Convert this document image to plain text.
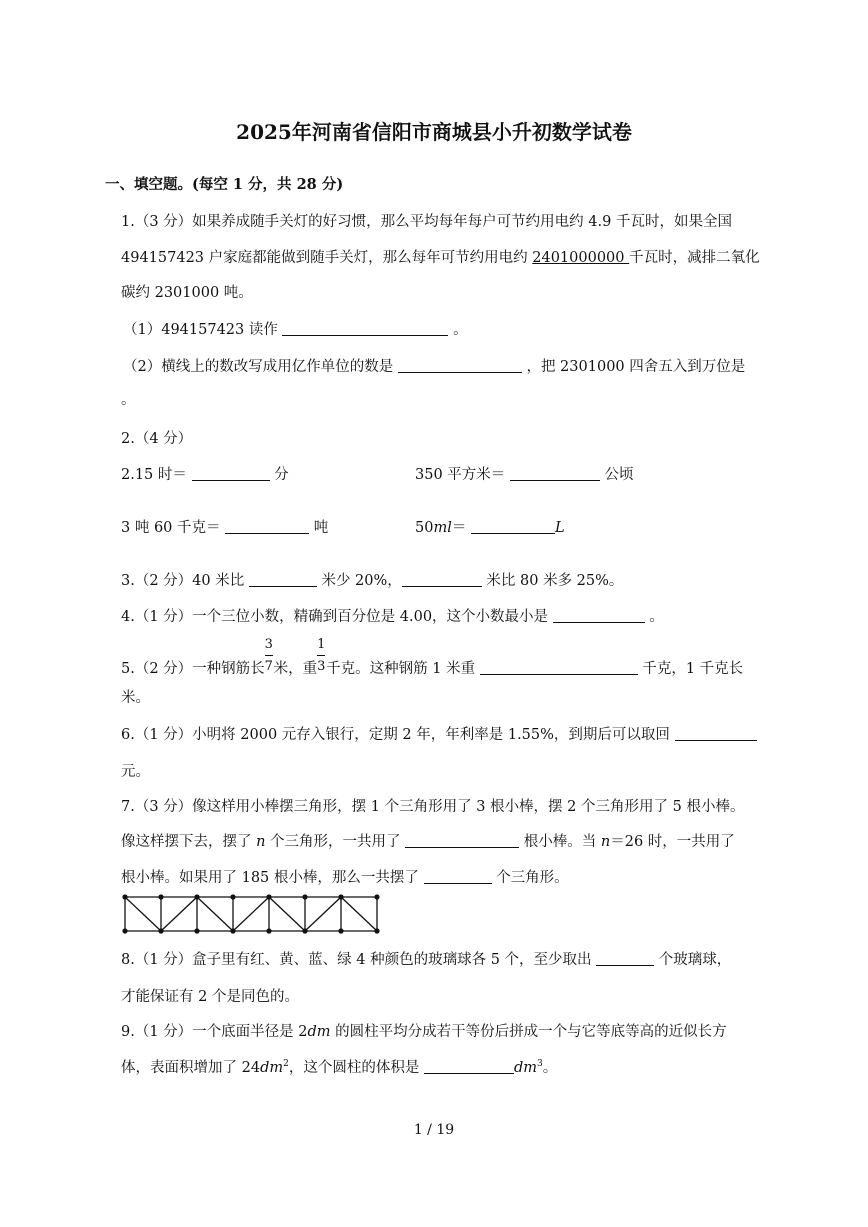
2025年河南省信阳市商城县小升初数学试卷
一、填空题。(每空 1 分，共 28 分)
1.（3 分）如果养成随手关灯的好习惯，那么平均每年每户可节约用电约 4.9 千瓦时，如果全国
494157423 户家庭都能做到随手关灯，那么每年可节约用电约 2401000000 千瓦时，减排二氧化
碳约 2301000 吨。
（1）494157423 读作	。
（2）横线上的数改写成用亿作单位的数是	，把 2301000 四舍五入到万位是
。
2.（4 分）
2.15 时＝	分	350 平方米＝	公顷
3 吨 60 千克＝	吨	50ml＝	L
3.（2 分）40 米比	米少 20%，	米比 80 米多 25%。
4.（1 分）一个三位小数，精确到百分位是 4.00，这个小数最小是	。
5.（2 分）一种钢筋长 $\frac{3}{7}$ 米，重 $\frac{1}{3}$ 千克。这种钢筋 1 米重	千克，1 千克长
米。
6.（1 分）小明将 2000 元存入银行，定期 2 年，年利率是 1.55%，到期后可以取回
元。
7.（3 分）像这样用小棒摆三角形，摆 1 个三角形用了 3 根小棒，摆 2 个三角形用了 5 根小棒。
像这样摆下去，摆了 n 个三角形，一共用了	根小棒。当 n＝26 时，一共用了
根小棒。如果用了 185 根小棒，那么一共摆了	个三角形。
8.（1 分）盒子里有红、黄、蓝、绿 4 种颜色的玻璃球各 5 个，至少取出	个玻璃球，
才能保证有 2 个是同色的。
9.（1 分）一个底面半径是 2dm 的圆柱平均分成若干等份后拼成一个与它等底等高的近似长方
体，表面积增加了 $24dm^2$，这个圆柱的体积是	$dm^3$。
1 / 19
